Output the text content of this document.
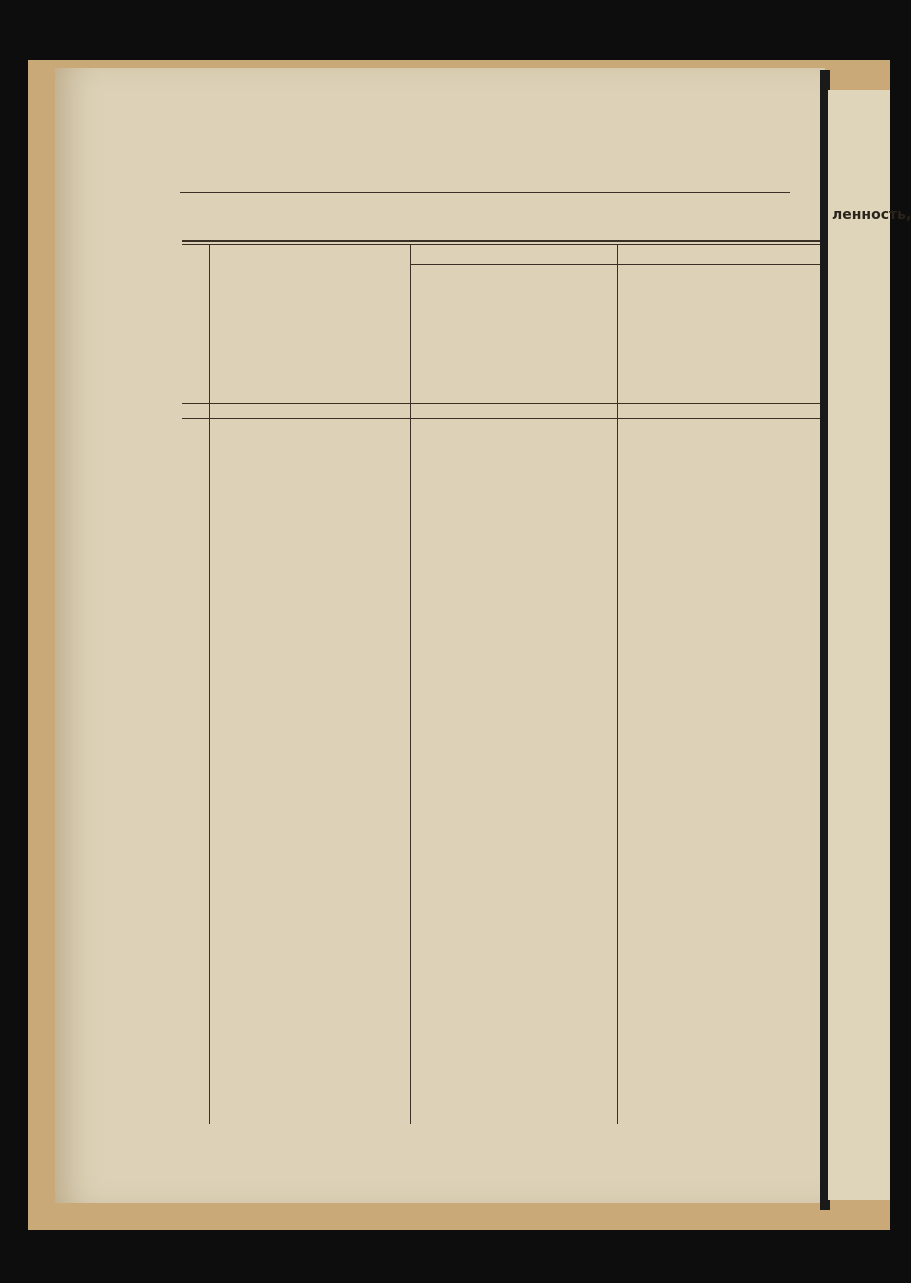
ленность,
